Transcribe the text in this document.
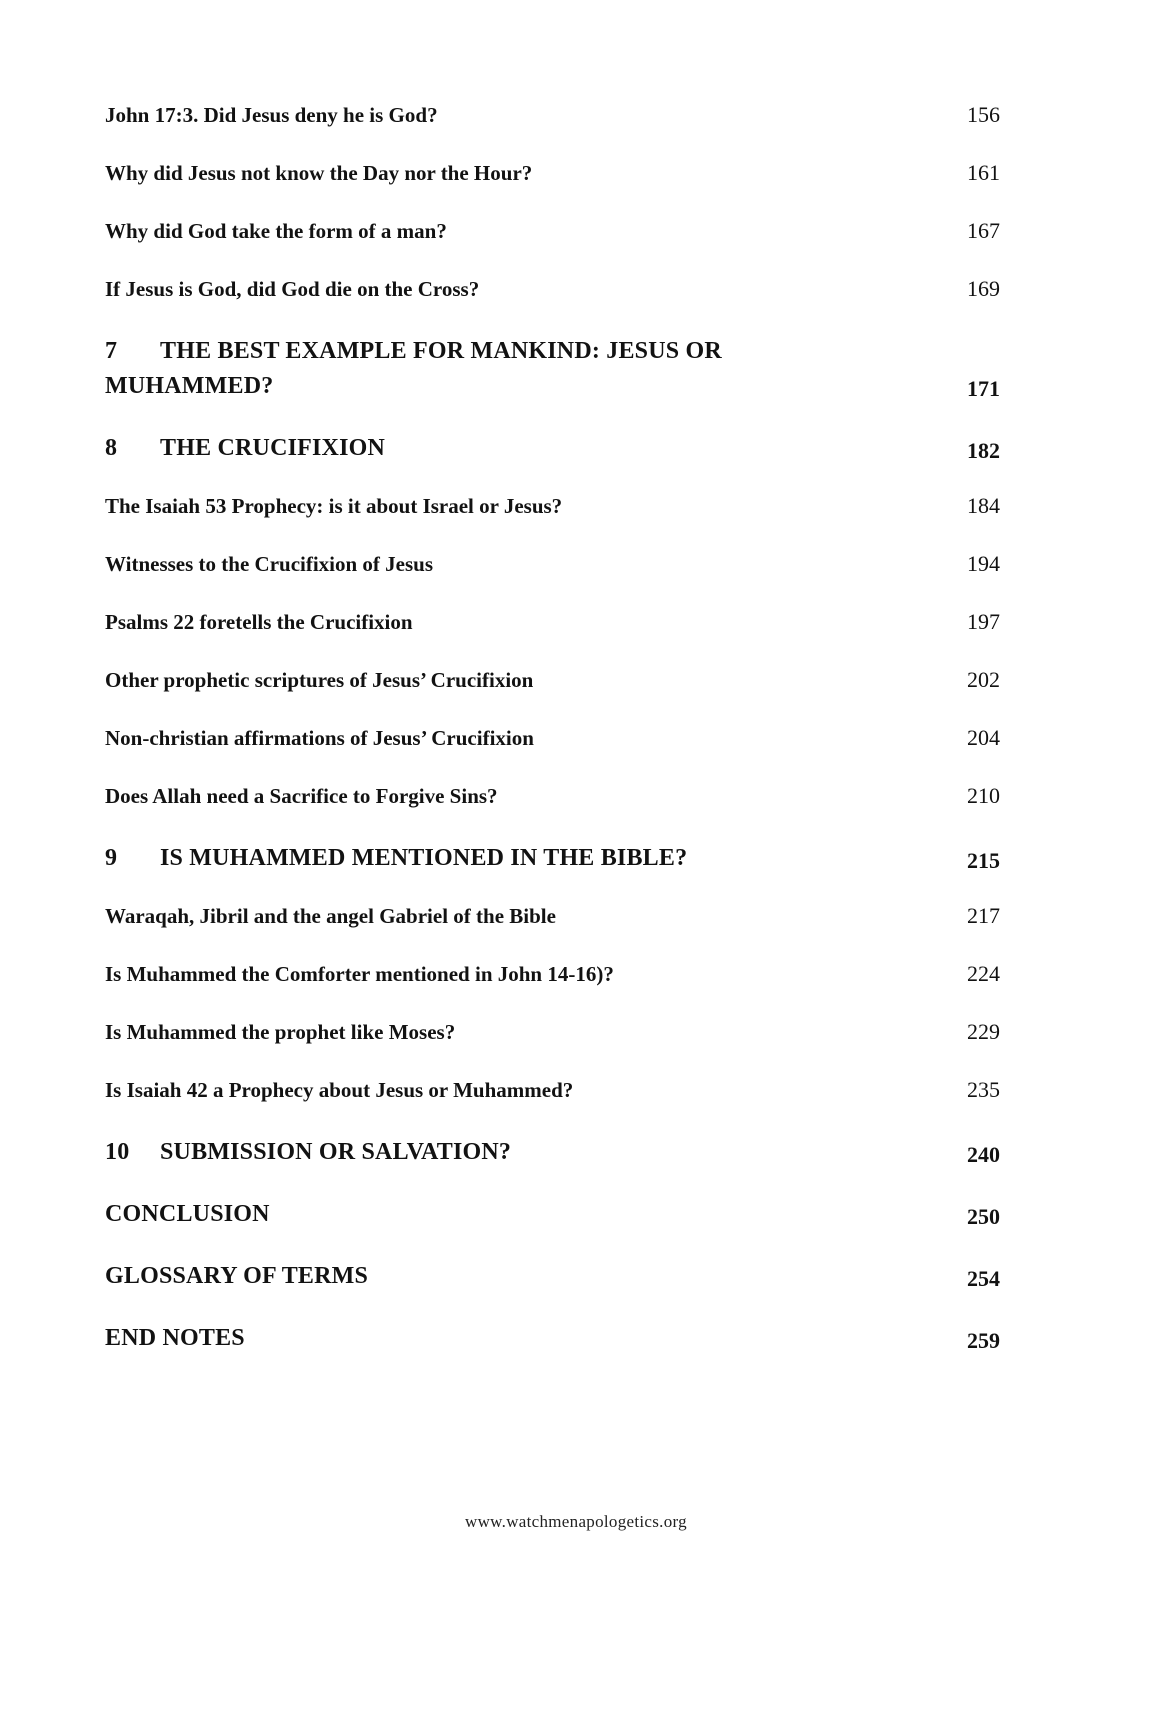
John 17:3. Did Jesus deny he is God?	156
Why did Jesus not know the Day nor the Hour?	161
Why did God take the form of a man?	167
If Jesus is God, did God die on the Cross?	169
7 THE BEST EXAMPLE FOR MANKIND: JESUS OR MUHAMMED?	171
8 THE CRUCIFIXION	182
The Isaiah 53 Prophecy: is it about Israel or Jesus?	184
Witnesses to the Crucifixion of Jesus	194
Psalms 22 foretells the Crucifixion	197
Other prophetic scriptures of Jesus’ Crucifixion	202
Non-christian affirmations of Jesus’ Crucifixion	204
Does Allah need a Sacrifice to Forgive Sins?	210
9 IS MUHAMMED MENTIONED IN THE BIBLE?	215
Waraqah, Jibril and the angel Gabriel of the Bible	217
Is Muhammed the Comforter mentioned in John 14-16)?	224
Is Muhammed the prophet like Moses?	229
Is Isaiah 42 a Prophecy about Jesus or Muhammed?	235
10 SUBMISSION OR SALVATION?	240
CONCLUSION	250
GLOSSARY OF TERMS	254
END NOTES	259
www.watchmenapologetics.org
